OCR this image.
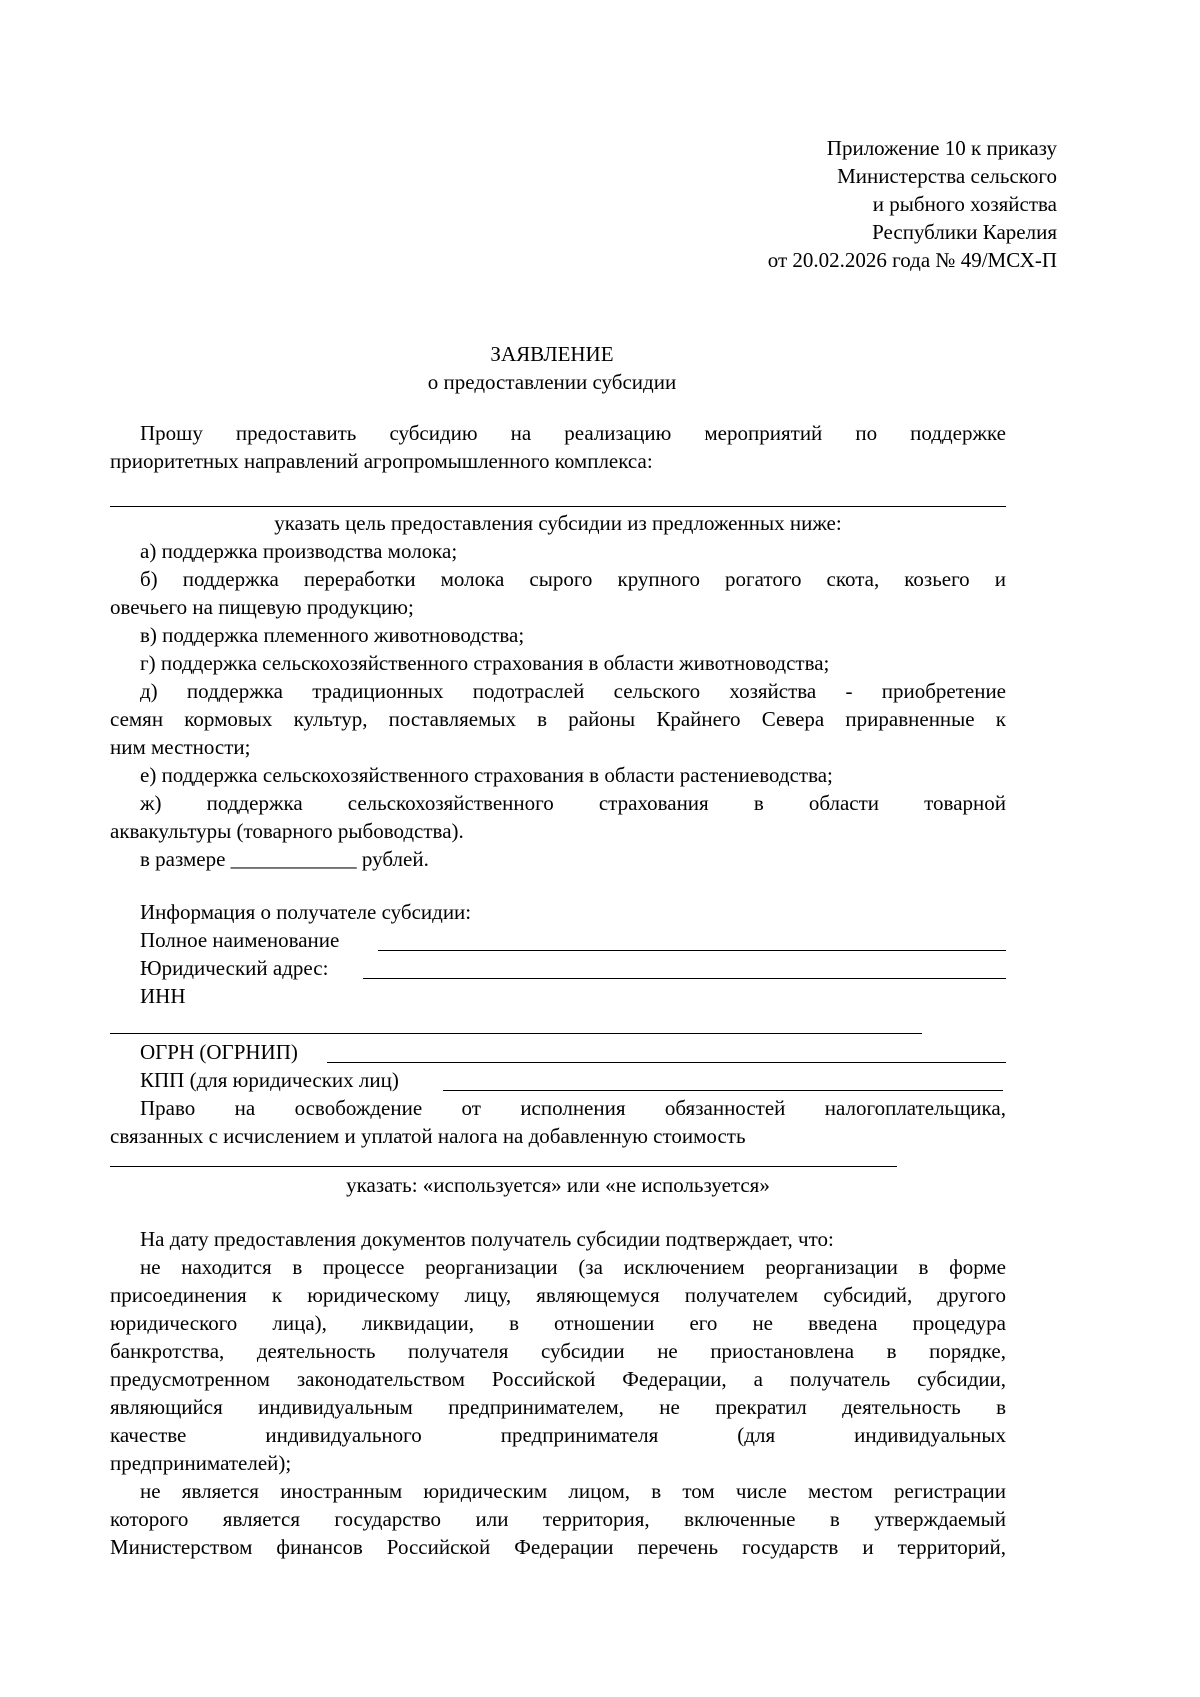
Приложение 10 к приказу
Министерства сельского
и рыбного хозяйства
Республики Карелия
от 20.02.2026 года № 49/МСХ-П
ЗАЯВЛЕНИЕ
о предоставлении субсидии
Прошу предоставить субсидию на реализацию мероприятий по поддержке
приоритетных направлений агропромышленного комплекса:
указать цель предоставления субсидии из предложенных ниже:
а) поддержка производства молока;
б) поддержка переработки молока сырого крупного рогатого скота, козьего и
овечьего на пищевую продукцию;
в) поддержка племенного животноводства;
г) поддержка сельскохозяйственного страхования в области животноводства;
д) поддержка традиционных подотраслей сельского хозяйства - приобретение
семян кормовых культур, поставляемых в районы Крайнего Севера приравненные к
ним местности;
е) поддержка сельскохозяйственного страхования в области растениеводства;
ж) поддержка сельскохозяйственного страхования в области товарной
аквакультуры (товарного рыбоводства).
в размере ____________ рублей.
Информация о получателе субсидии:
Полное наименование
Юридический адрес:
ИНН
ОГРН (ОГРНИП)
КПП (для юридических лиц)
Право на освобождение от исполнения обязанностей налогоплательщика,
связанных с исчислением и уплатой налога на добавленную стоимость
указать: «используется» или «не используется»
На дату предоставления документов получатель субсидии подтверждает, что:
не находится в процессе реорганизации (за исключением реорганизации в форме
присоединения к юридическому лицу, являющемуся получателем субсидий, другого
юридического лица), ликвидации, в отношении его не введена процедура
банкротства, деятельность получателя субсидии не приостановлена в порядке,
предусмотренном законодательством Российской Федерации, а получатель субсидии,
являющийся индивидуальным предпринимателем, не прекратил деятельность в
качестве индивидуального предпринимателя (для индивидуальных
предпринимателей);
не является иностранным юридическим лицом, в том числе местом регистрации
которого является государство или территория, включенные в утверждаемый
Министерством финансов Российской Федерации перечень государств и территорий,
